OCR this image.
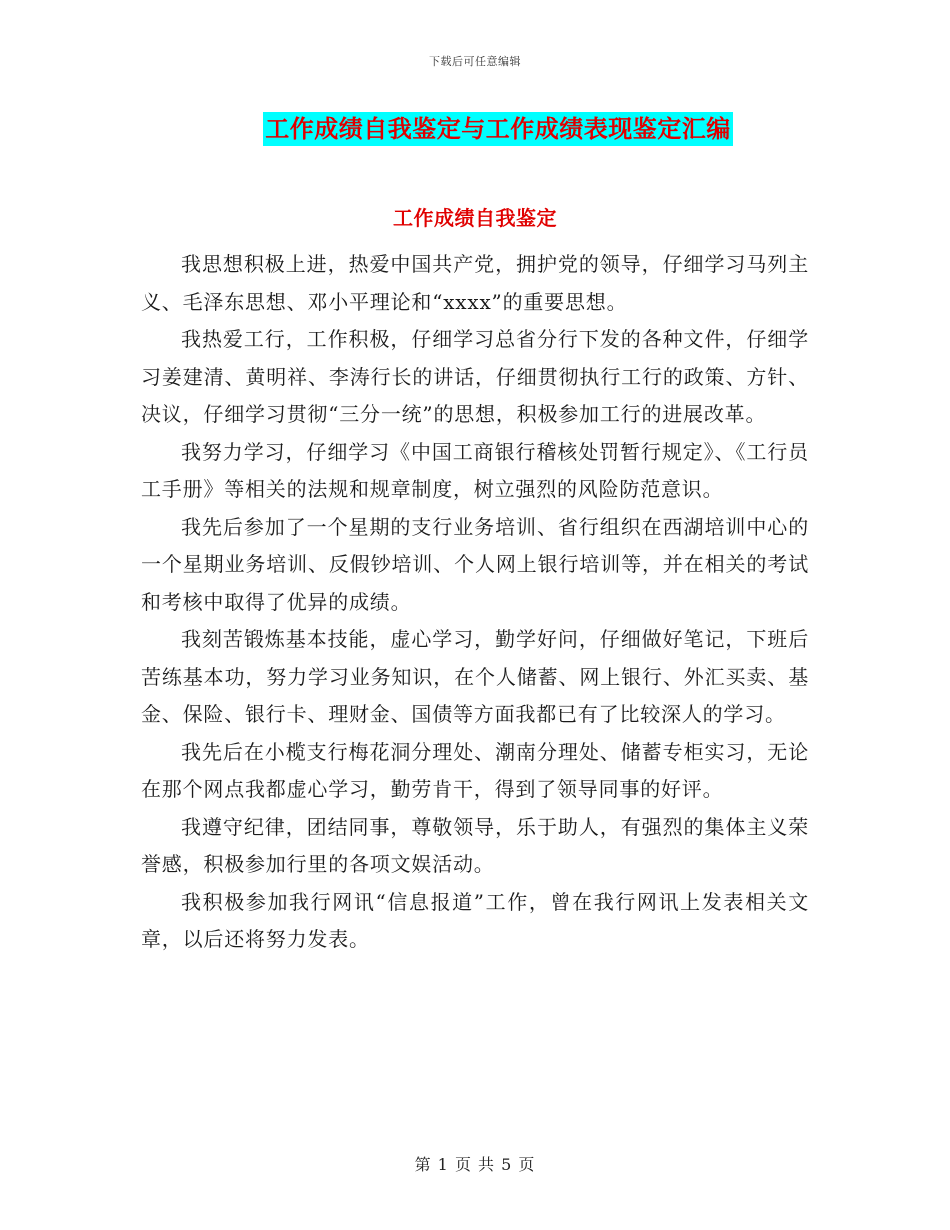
下载后可任意编辑
工作成绩自我鉴定与工作成绩表现鉴定汇编
工作成绩自我鉴定

我思想积极上进，热爱中国共产党，拥护党的领导，仔细学习马列主义、毛泽东思想、邓小平理论和“xxxx”的重要思想。

我热爱工行，工作积极，仔细学习总省分行下发的各种文件，仔细学习姜建清、黄明祥、李涛行长的讲话，仔细贯彻执行工行的政策、方针、决议，仔细学习贯彻“三分一统”的思想，积极参加工行的进展改革。

我努力学习，仔细学习《中国工商银行稽核处罚暂行规定》、《工行员工手册》等相关的法规和规章制度，树立强烈的风险防范意识。

我先后参加了一个星期的支行业务培训、省行组织在西湖培训中心的一个星期业务培训、反假钞培训、个人网上银行培训等，并在相关的考试和考核中取得了优异的成绩。

我刻苦锻炼基本技能，虚心学习，勤学好问，仔细做好笔记，下班后苦练基本功，努力学习业务知识，在个人储蓄、网上银行、外汇买卖、基金、保险、银行卡、理财金、国债等方面我都已有了比较深人的学习。

我先后在小榄支行梅花洞分理处、潮南分理处、储蓄专柜实习，无论在那个网点我都虚心学习，勤劳肯干，得到了领导同事的好评。

我遵守纪律，团结同事，尊敬领导，乐于助人，有强烈的集体主义荣誉感，积极参加行里的各项文娱活动。

我积极参加我行网讯“信息报道”工作，曾在我行网讯上发表相关文章，以后还将努力发表。

第 1 页 共 5 页
